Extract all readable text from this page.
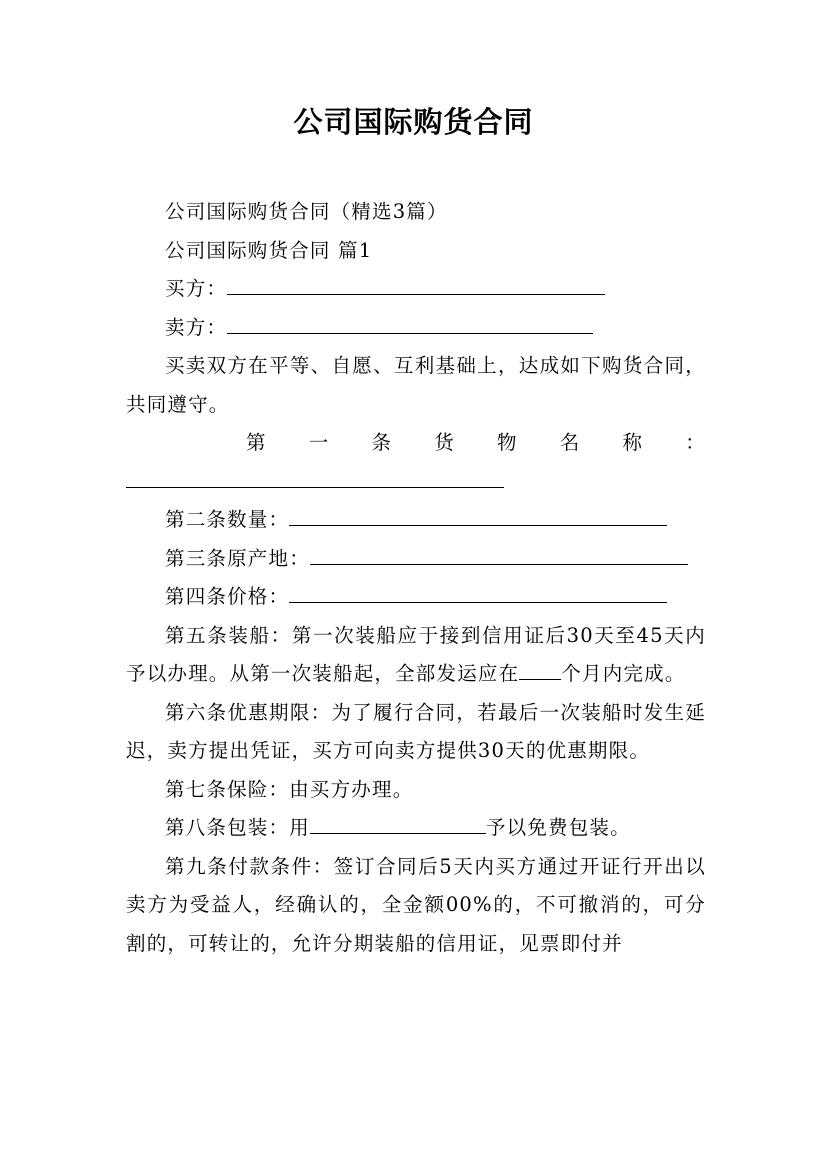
公司国际购货合同

公司国际购货合同（精选3篇）

公司国际购货合同 篇1

买方：

卖方：

买卖双方在平等、自愿、互利基础上，达成如下购货合同，共同遵守。

第 一 条 货 物 名 称 ：

第二条数量：

第三条原产地：

第四条价格：

第五条装船：第一次装船应于接到信用证后30天至45天内予以办理。从第一次装船起，全部发运应在 个月内完成。

第六条优惠期限：为了履行合同，若最后一次装船时发生延迟，卖方提出凭证，买方可向卖方提供30天的优惠期限。

第七条保险：由买方办理。

第八条包装：用	予以免费包装。

第九条付款条件：签订合同后5天内买方通过开证行开出以卖方为受益人，经确认的，全金额00%的，不可撤消的，可分割的，可转让的，允许分期装船的信用证，见票即付并
